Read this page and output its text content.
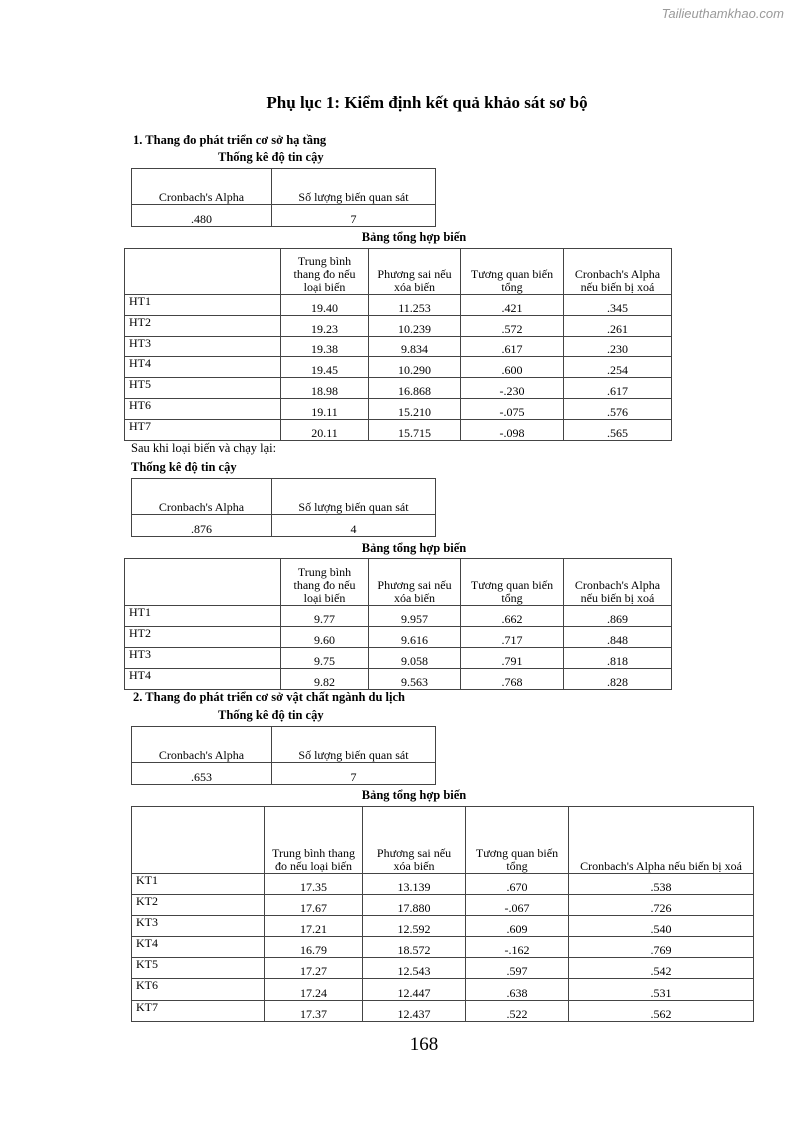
Tailieuthamkhao.com
Phụ lục 1: Kiểm định kết quả khảo sát sơ bộ
1. Thang đo phát triển cơ sở hạ tầng
Thống kê độ tin cậy
Cronbach's Alpha	Số lượng biến quan sát
.480	7
Bảng tổng hợp biến
	Trung bình thang đo nếu loại biến	Phương sai nếu xóa biến	Tương quan biến tổng	Cronbach's Alpha nếu biến bị xoá
HT1	19.40	11.253	.421	.345
HT2	19.23	10.239	.572	.261
HT3	19.38	9.834	.617	.230
HT4	19.45	10.290	.600	.254
HT5	18.98	16.868	-.230	.617
HT6	19.11	15.210	-.075	.576
HT7	20.11	15.715	-.098	.565
Sau khi loại biến và chạy lại:
Thống kê độ tin cậy
Cronbach's Alpha	Số lượng biến quan sát
.876	4
Bảng tổng hợp biến
	Trung bình thang đo nếu loại biến	Phương sai nếu xóa biến	Tương quan biến tổng	Cronbach's Alpha nếu biến bị xoá
HT1	9.77	9.957	.662	.869
HT2	9.60	9.616	.717	.848
HT3	9.75	9.058	.791	.818
HT4	9.82	9.563	.768	.828
2. Thang đo phát triển cơ sở vật chất ngành du lịch
Thống kê độ tin cậy
Cronbach's Alpha	Số lượng biến quan sát
.653	7
Bảng tổng hợp biến
	Trung bình thang đo nếu loại biến	Phương sai nếu xóa biến	Tương quan biến tổng	Cronbach's Alpha nếu biến bị xoá
KT1	17.35	13.139	.670	.538
KT2	17.67	17.880	-.067	.726
KT3	17.21	12.592	.609	.540
KT4	16.79	18.572	-.162	.769
KT5	17.27	12.543	.597	.542
KT6	17.24	12.447	.638	.531
KT7	17.37	12.437	.522	.562
168
